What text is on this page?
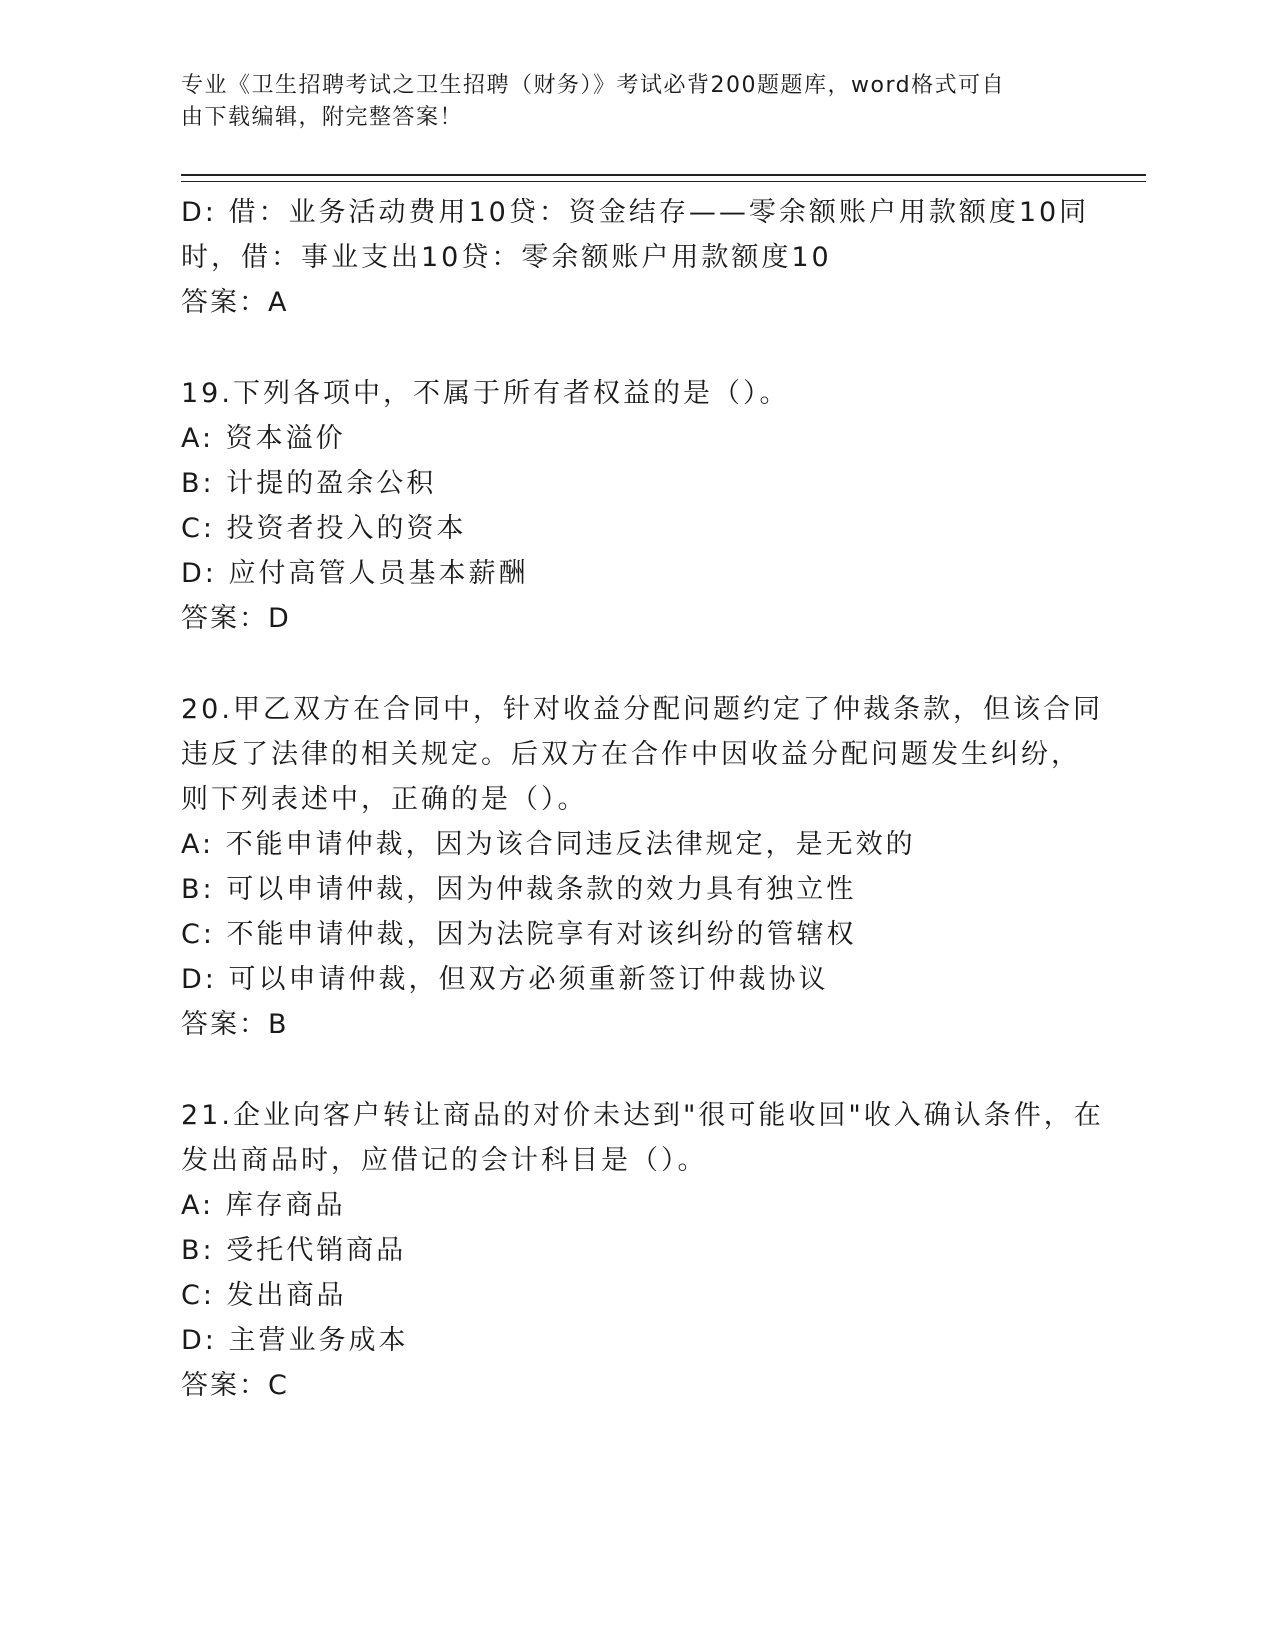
专业《卫生招聘考试之卫生招聘（财务）》考试必背200题题库，word格式可自
由下载编辑，附完整答案！
D: 借：业务活动费用10贷：资金结存——零余额账户用款额度10同
时，借：事业支出10贷：零余额账户用款额度10
答案：A
19.下列各项中，不属于所有者权益的是（）。
A: 资本溢价
B: 计提的盈余公积
C: 投资者投入的资本
D: 应付高管人员基本薪酬
答案：D
20.甲乙双方在合同中，针对收益分配问题约定了仲裁条款，但该合同
违反了法律的相关规定。后双方在合作中因收益分配问题发生纠纷，
则下列表述中，正确的是（）。
A: 不能申请仲裁，因为该合同违反法律规定，是无效的
B: 可以申请仲裁，因为仲裁条款的效力具有独立性
C: 不能申请仲裁，因为法院享有对该纠纷的管辖权
D: 可以申请仲裁，但双方必须重新签订仲裁协议
答案：B
21.企业向客户转让商品的对价未达到"很可能收回"收入确认条件，在
发出商品时，应借记的会计科目是（）。
A: 库存商品
B: 受托代销商品
C: 发出商品
D: 主营业务成本
答案：C
